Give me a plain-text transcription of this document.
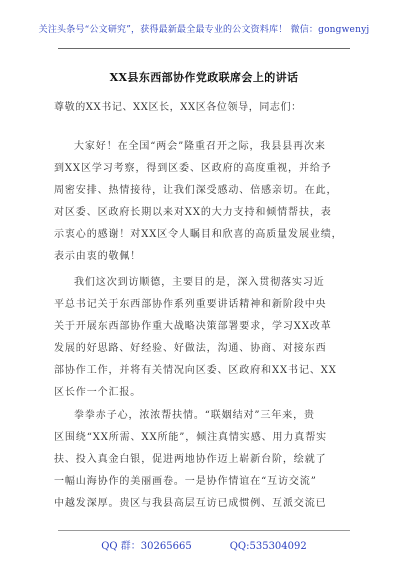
关注头条号“公文研究”，获得最新最全最专业的公文资料库！ 微信：gongwenyj
XX县东西部协作党政联席会上的讲话
尊敬的XX书记、XX区长，XX区各位领导，同志们：
大家好！在全国“两会”隆重召开之际，我县县再次来
到XX区学习考察，得到区委、区政府的高度重视，并给予
周密安排、热情接待，让我们深受感动、倍感亲切。在此，
对区委、区政府长期以来对XX的大力支持和倾情帮扶，表
示衷心的感谢！对XX区令人瞩目和欣喜的高质量发展业绩，
表示由衷的敬佩！
我们这次到访顺德，主要目的是，深入贯彻落实习近
平总书记关于东西部协作系列重要讲话精神和新阶段中央
关于开展东西部协作重大战略决策部署要求，学习XX改革
发展的好思路、好经验、好做法，沟通、协商、对接东西
部协作工作，并将有关情况向区委、区政府和XX书记、XX
区长作一个汇报。
拳拳赤子心，浓浓帮扶情。“联姻结对”三年来，贵
区围绕“XX所需、XX所能”，倾注真情实感、用力真帮实
扶、投入真金白银，促进两地协作迈上崭新台阶，绘就了
一幅山海协作的美丽画卷。一是协作情谊在“互访交流”
中越发深厚。贵区与我县高层互访已成惯例、互派交流已
QQ 群：30265665	QQ:535304092
